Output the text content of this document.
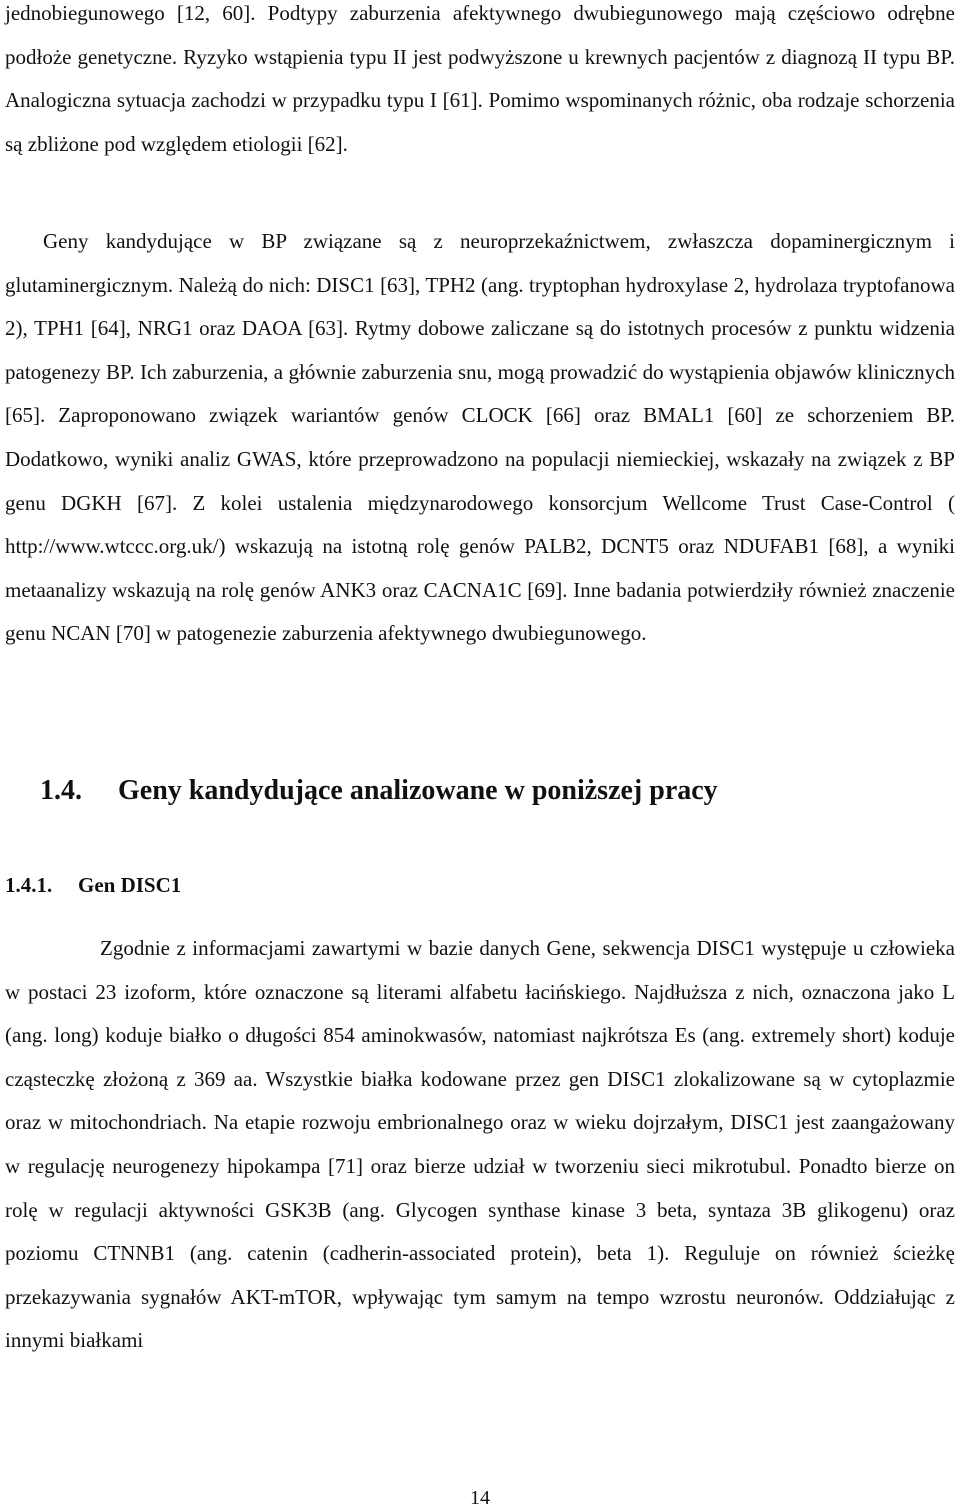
jednobiegunowego [12, 60]. Podtypy zaburzenia afektywnego dwubiegunowego mają częściowo odrębne podłoże genetyczne. Ryzyko wstąpienia typu II jest podwyższone u krewnych pacjentów z diagnozą II typu BP. Analogiczna sytuacja zachodzi w przypadku typu I [61]. Pomimo wspominanych różnic, oba rodzaje schorzenia są zbliżone pod względem etiologii [62].

Geny kandydujące w BP związane są z neuroprzekaźnictwem, zwłaszcza dopaminergicznym i glutaminergicznym. Należą do nich: DISC1 [63], TPH2 (ang. tryptophan hydroxylase 2, hydrolaza tryptofanowa 2), TPH1 [64], NRG1 oraz DAOA [63]. Rytmy dobowe zaliczane są do istotnych procesów z punktu widzenia patogenezy BP. Ich zaburzenia, a głównie zaburzenia snu, mogą prowadzić do wystąpienia objawów klinicznych [65]. Zaproponowano związek wariantów genów CLOCK [66] oraz BMAL1 [60] ze schorzeniem BP. Dodatkowo, wyniki analiz GWAS, które przeprowadzono na populacji niemieckiej, wskazały na związek z BP genu DGKH [67]. Z kolei ustalenia międzynarodowego konsorcjum Wellcome Trust Case-Control ( http://www.wtccc.org.uk/) wskazują na istotną rolę genów PALB2, DCNT5 oraz NDUFAB1 [68], a wyniki metaanalizy wskazują na rolę genów ANK3 oraz CACNA1C [69]. Inne badania potwierdziły również znaczenie genu NCAN [70] w patogenezie zaburzenia afektywnego dwubiegunowego.

1.4. Geny kandydujące analizowane w poniższej pracy
1.4.1. Gen DISC1

Zgodnie z informacjami zawartymi w bazie danych Gene, sekwencja DISC1 występuje u człowieka w postaci 23 izoform, które oznaczone są literami alfabetu łacińskiego. Najdłuższa z nich, oznaczona jako L (ang. long) koduje białko o długości 854 aminokwasów, natomiast najkrótsza Es (ang. extremely short) koduje cząsteczkę złożoną z 369 aa. Wszystkie białka kodowane przez gen DISC1 zlokalizowane są w cytoplazmie oraz w mitochondriach. Na etapie rozwoju embrionalnego oraz w wieku dojrzałym, DISC1 jest zaangażowany w regulację neurogenezy hipokampa [71] oraz bierze udział w tworzeniu sieci mikrotubul. Ponadto bierze on rolę w regulacji aktywności GSK3B (ang. Glycogen synthase kinase 3 beta, syntaza 3B glikogenu) oraz poziomu CTNNB1 (ang. catenin (cadherin-associated protein), beta 1). Reguluje on również ścieżkę przekazywania sygnałów AKT-mTOR, wpływając tym samym na tempo wzrostu neuronów. Oddziałując z innymi białkami

14
